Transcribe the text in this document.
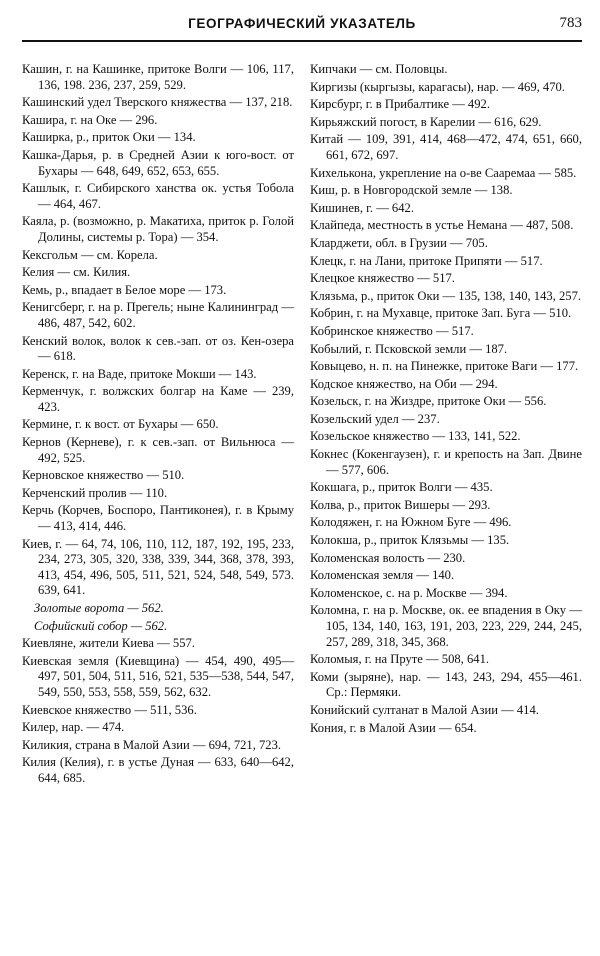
ГЕОГРАФИЧЕСКИЙ УКАЗАТЕЛЬ	783

Кашин, г. на Кашинке, притоке Волги — 106, 117, 136, 198. 236, 237, 259, 529.

Кашинский удел Тверского княжества — 137, 218.

Кашира, г. на Оке — 296.

Каширка, р., приток Оки — 134.

Кашка-Дарья, р. в Средней Азии к юго-вост. от Бухары — 648, 649, 652, 653, 655.

Кашлык, г. Сибирского ханства ок. устья Тобола — 464, 467.

Каяла, р. (возможно, р. Макатиха, приток р. Голой Долины, системы р. Тора) — 354.

Кексгольм — см. Корела.

Келия — см. Килия.

Кемь, р., впадает в Белое море — 173.

Кенигсберг, г. на р. Прегель; ныне Калининград — 486, 487, 542, 602.

Кенский волок, волок к сев.-зап. от оз. Кен-озера — 618.

Керенск, г. на Ваде, притоке Мокши — 143.

Керменчук, г. волжских болгар на Каме — 239, 423.

Кермине, г. к вост. от Бухары — 650.

Кернов (Керневе), г. к сев.-зап. от Вильнюса — 492, 525.

Керновское княжество — 510.

Керченский пролив — 110.

Керчь (Корчев, Боспоро, Пантиконея), г. в Крыму — 413, 414, 446.

Киев, г. — 64, 74, 106, 110, 112, 187, 192, 195, 233, 234, 273, 305, 320, 338, 339, 344, 368, 378, 393, 413, 454, 496, 505, 511, 521, 524, 548, 549, 573. 639, 641.

Золотые ворота — 562.

Софийский собор — 562.

Киевляне, жители Киева — 557.

Киевская земля (Киевщина) — 454, 490, 495—497, 501, 504, 511, 516, 521, 535—538, 544, 547, 549, 550, 553, 558, 559, 562, 632.

Киевское княжество — 511, 536.

Килер, нар. — 474.

Киликия, страна в Малой Азии — 694, 721, 723.

Килия (Келия), г. в устье Дуная — 633, 640—642, 644, 685.

Кипчаки — см. Половцы.

Киргизы (кыргызы, карагасы), нар. — 469, 470.

Кирсбург, г. в Прибалтике — 492.

Кирьяжский погост, в Карелии — 616, 629.

Китай — 109, 391, 414, 468—472, 474, 651, 660, 661, 672, 697.

Кихелькона, укрепление на о-ве Сааремаа — 585.

Киш, р. в Новгородской земле — 138.

Кишинев, г. — 642.

Клайпеда, местность в устье Немана — 487, 508.

Кларджети, обл. в Грузии — 705.

Клецк, г. на Лани, притоке Припяти — 517.

Клецкое княжество — 517.

Клязьма, р., приток Оки — 135, 138, 140, 143, 257.

Кобрин, г. на Мухавце, притоке Зап. Буга — 510.

Кобринское княжество — 517.

Кобылий, г. Псковской земли — 187.

Ковыцево, н. п. на Пинежке, притоке Ваги — 177.

Кодское княжество, на Оби — 294.

Козельск, г. на Жиздре, притоке Оки — 556.

Козельский удел — 237.

Козельское княжество — 133, 141, 522.

Кокнес (Кокенгаузен), г. и крепость на Зап. Двине — 577, 606.

Кокшага, р., приток Волги — 435.

Колва, р., приток Вишеры — 293.

Колодяжен, г. на Южном Буге — 496.

Колокша, р., приток Клязьмы — 135.

Коломенская волость — 230.

Коломенская земля — 140.

Коломенское, с. на р. Москве — 394.

Коломна, г. на р. Москве, ок. ее впадения в Оку — 105, 134, 140, 163, 191, 203, 223, 229, 244, 245, 257, 289, 318, 345, 368.

Коломыя, г. на Пруте — 508, 641.

Коми (зыряне), нар. — 143, 243, 294, 455—461. Ср.: Пермяки.

Конийский султанат в Малой Азии — 414.

Кония, г. в Малой Азии — 654.
